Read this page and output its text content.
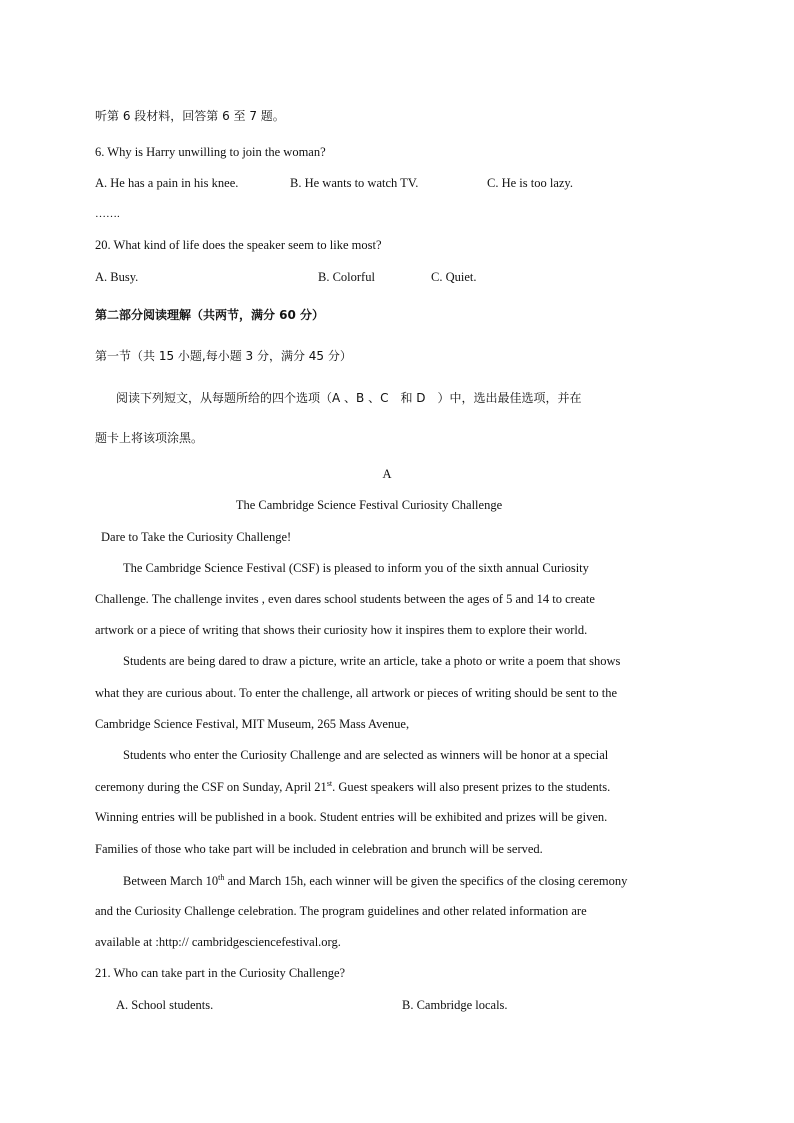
听第 6 段材料，回答第 6 至 7 题。
6. Why is Harry unwilling to join the woman?
A. He has a pain in his knee.	B. He wants to watch TV.	C. He is too lazy.
…….
20. What kind of life does the speaker seem to like most?
A. Busy.	B. Colorful	C. Quiet.
第二部分阅读理解（共两节，满分 60 分）
第一节（共 15 小题,每小题 3 分，满分 45 分）
阅读下列短文，从每题所给的四个选项（A 、B 、C　和 D　）中，选出最佳选项，并在
题卡上将该项涂黑。
A
The Cambridge Science Festival Curiosity Challenge
Dare to Take the Curiosity Challenge!
The Cambridge Science Festival (CSF) is pleased to inform you of the sixth annual Curiosity
Challenge. The challenge invites , even dares school students between the ages of 5 and 14 to create
artwork or a piece of writing that shows their curiosity how it inspires them to explore their world.
Students are being dared to draw a picture, write an article, take a photo or write a poem that shows
what they are curious about. To enter the challenge, all artwork or pieces of writing should be sent to the
Cambridge Science Festival, MIT Museum, 265 Mass Avenue,
Students who enter the Curiosity Challenge and are selected as winners will be honor at a special
ceremony during the CSF on Sunday, April 21st. Guest speakers will also present prizes to the students.
Winning entries will be published in a book. Student entries will be exhibited and prizes will be given.
Families of those who take part will be included in celebration and brunch will be served.
Between March 10th and March 15h, each winner will be given the specifics of the closing ceremony
and the Curiosity Challenge celebration. The program guidelines and other related information are
available at :http:// cambridgesciencefestival.org.
21. Who can take part in the Curiosity Challenge?
A. School students.	B. Cambridge locals.
